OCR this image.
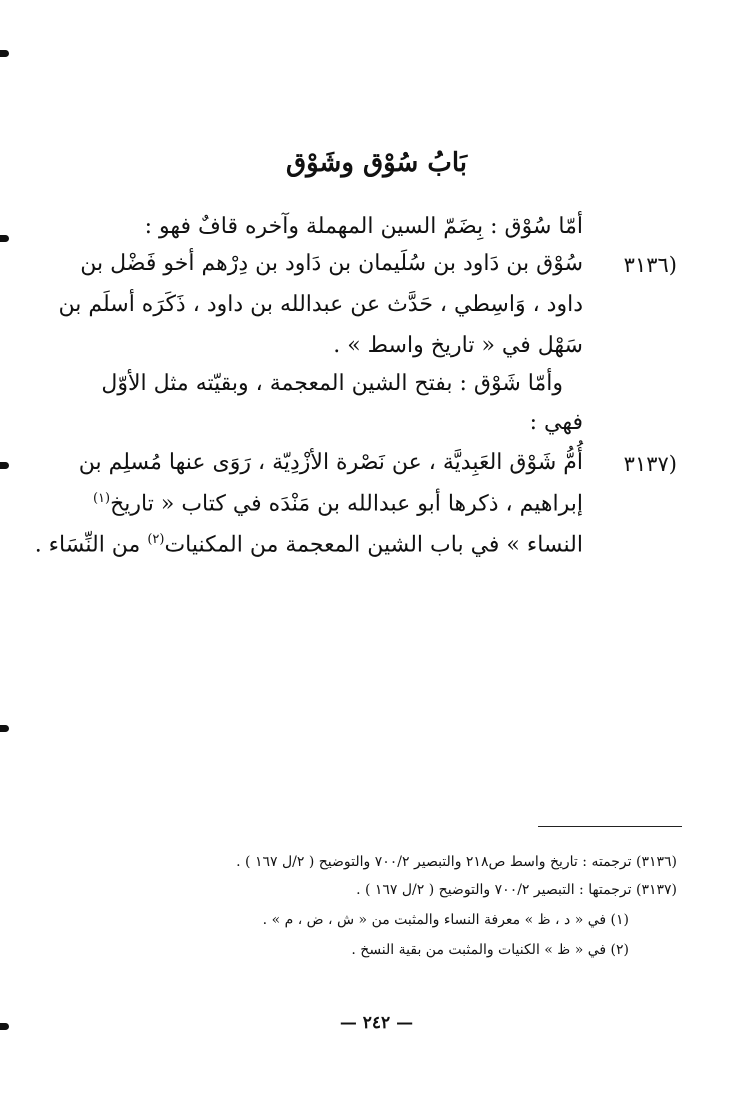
بَابُ سُوْق وشَوْق
أمّا سُوْق : بِضَمّ السين المهملة وآخره قافٌ فهو :
(٣١٣٦
سُوْق بن دَاود بن سُلَيمان بن دَاود بن دِرْهم أخو فَضْل بن
داود ، وَاسِطي ، حَدَّث عن عبدالله بن داود ، ذَكَرَه أسلَم بن
سَهْل في « تاريخ واسط » .
وأمّا شَوْق : بفتح الشين المعجمة ، وبقيّته مثل الأوّل
فهي :
(٣١٣٧
أُمُّ شَوْق العَبِديَّة ، عن نَصْرة الأزْدِيّة ، رَوَى عنها مُسلِم بن
إبراهيم ، ذكرها أبو عبدالله بن مَنْدَه في كتاب « تاريخ$^{(١)}$
النساء » في باب الشين المعجمة من المكنيات$^{(٢)}$ من النِّسَاء .
(٣١٣٦) ترجمته : تاريخ واسط ص٢١٨ والتبصير ٧٠٠/٢ والتوضيح ( ٢/ل ١٦٧ ) .
(٣١٣٧) ترجمتها : التبصير ٧٠٠/٢ والتوضيح ( ٢/ل ١٦٧ ) .
(١) في « د ، ظ » معرفة النساء والمثبت من « ش ، ض ، م » .
(٢) في « ظ » الكنيات والمثبت من بقية النسخ .
— ٢٤٢ —
